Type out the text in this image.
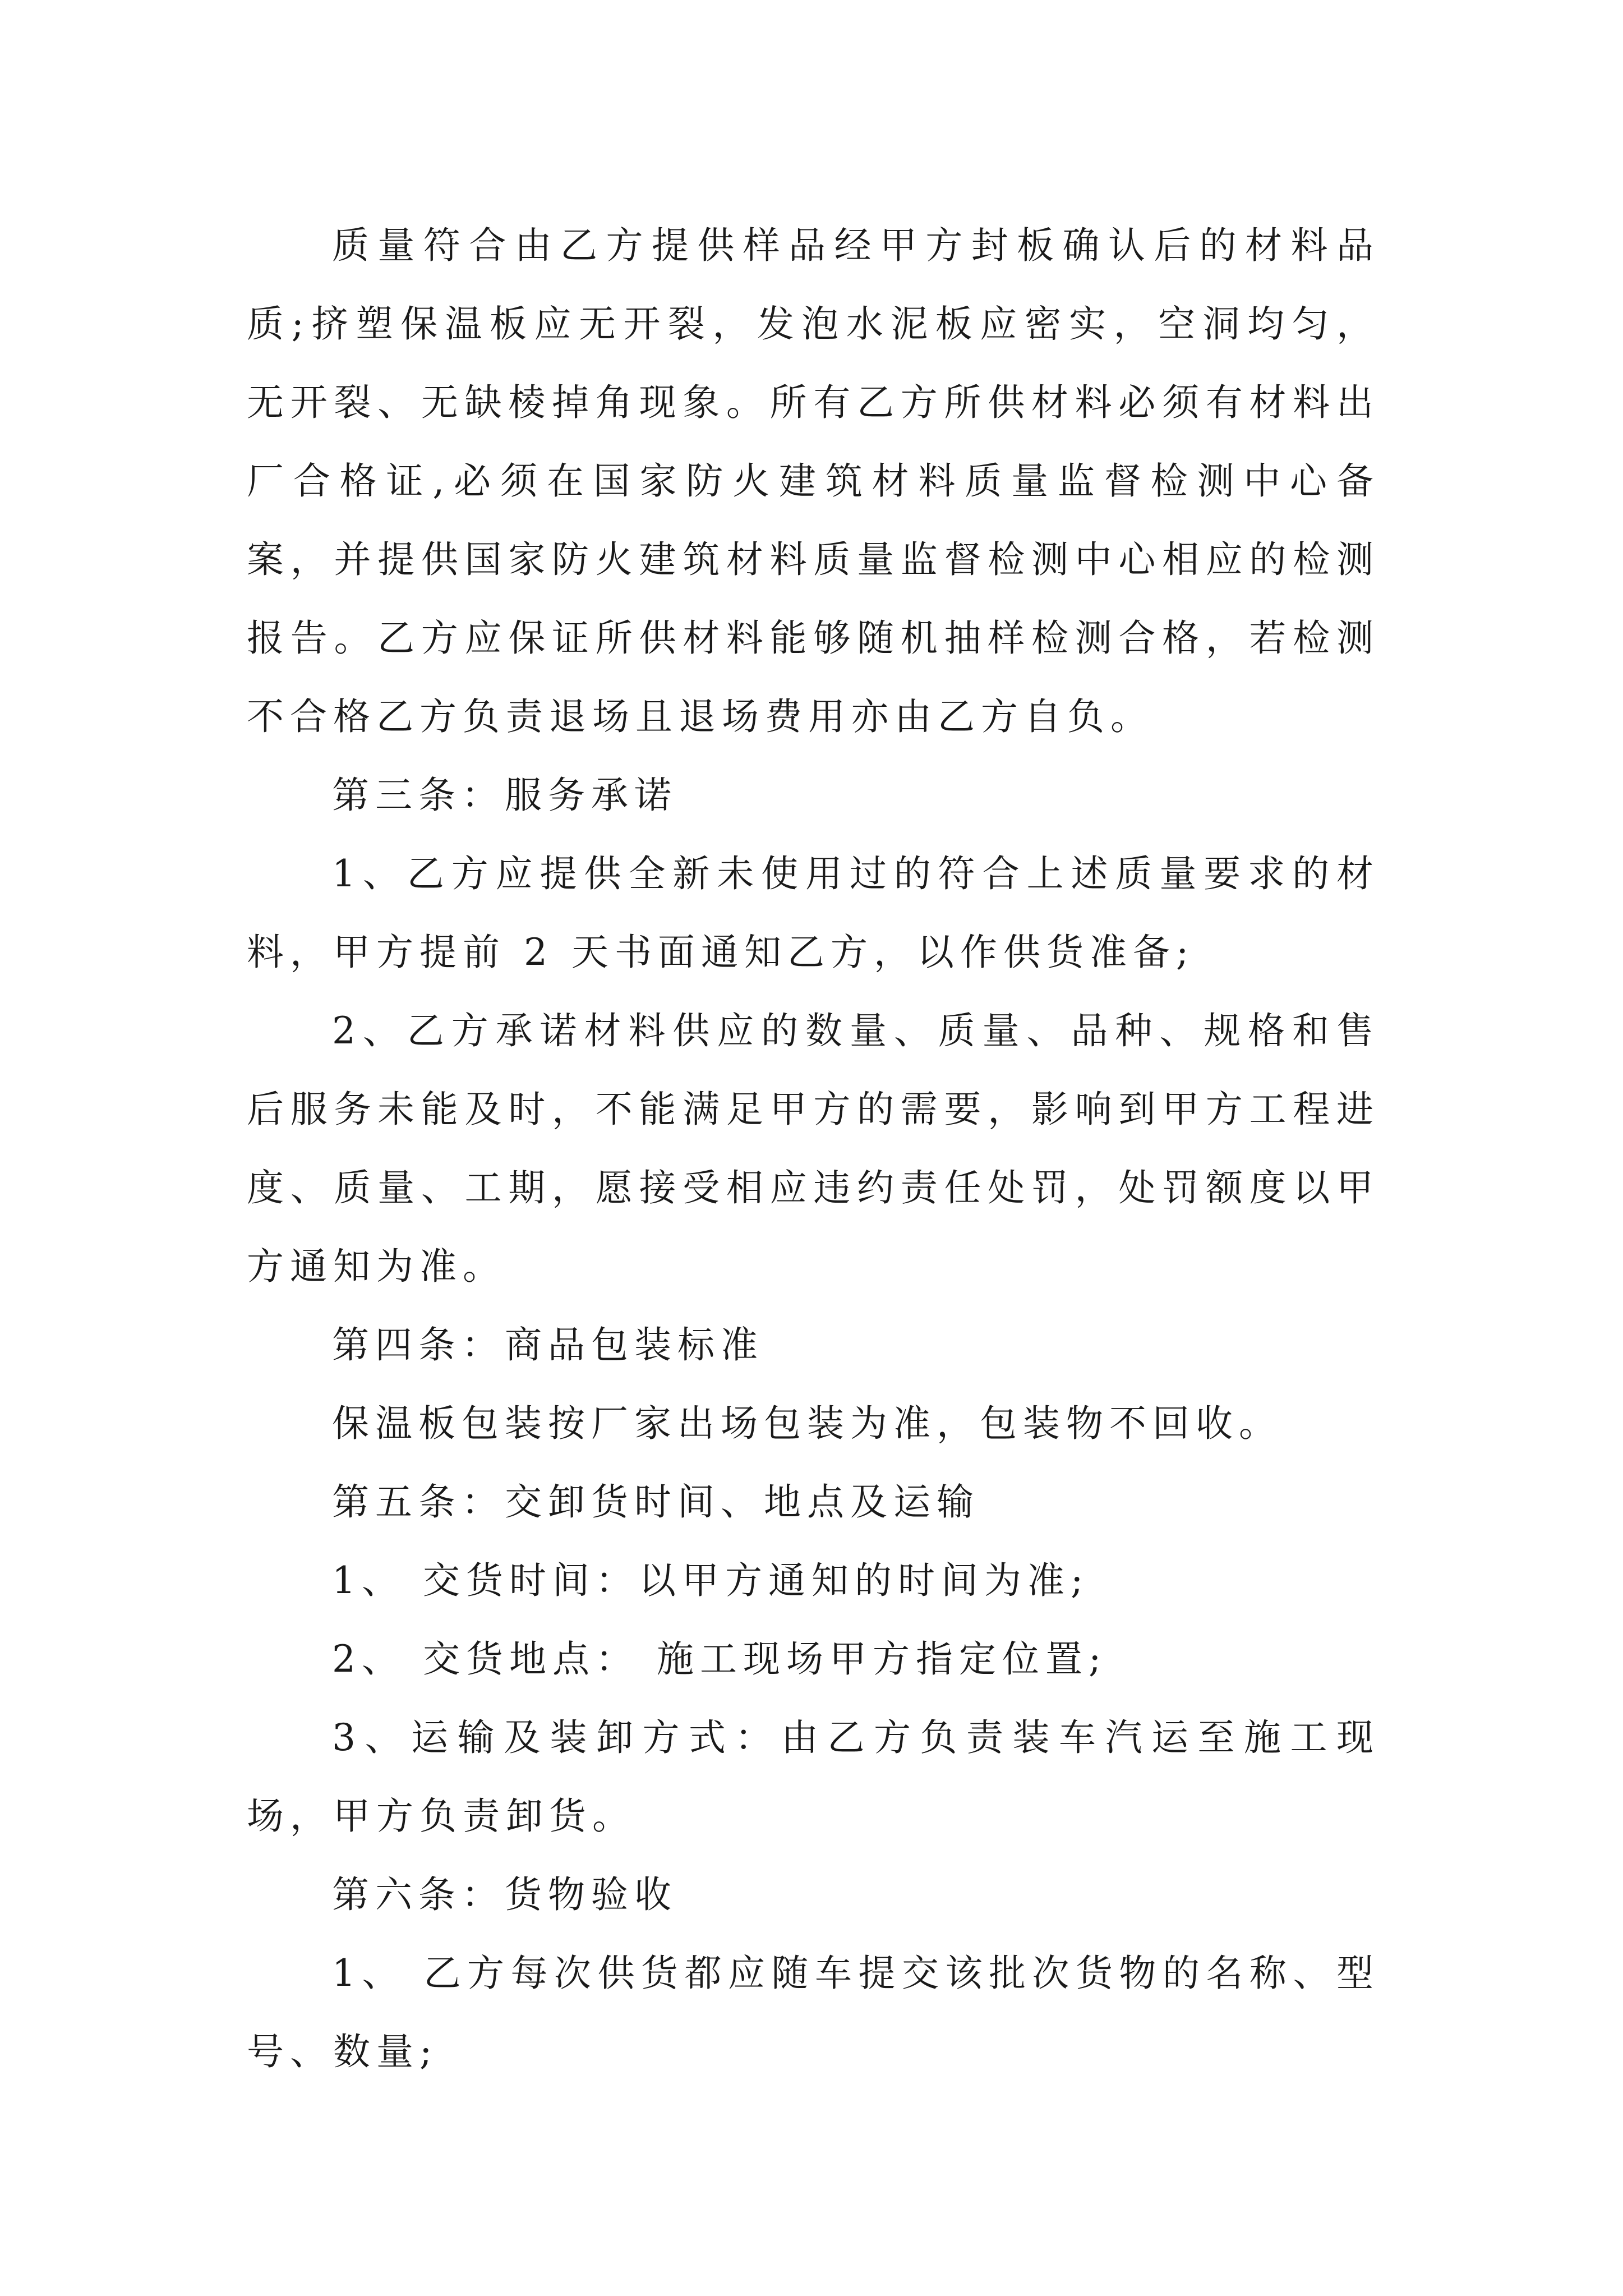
质量符合由乙方提供样品经甲方封板确认后的材料品质;挤塑保温板应无开裂，发泡水泥板应密实，空洞均匀，无开裂、无缺棱掉角现象。所有乙方所供材料必须有材料出厂合格证,必须在国家防火建筑材料质量监督检测中心备案，并提供国家防火建筑材料质量监督检测中心相应的检测报告。乙方应保证所供材料能够随机抽样检测合格，若检测不合格乙方负责退场且退场费用亦由乙方自负。

第三条：服务承诺

1、乙方应提供全新未使用过的符合上述质量要求的材料，甲方提前 2 天书面通知乙方，以作供货准备;

2、乙方承诺材料供应的数量、质量、品种、规格和售后服务未能及时，不能满足甲方的需要，影响到甲方工程进度、质量、工期，愿接受相应违约责任处罚，处罚额度以甲方通知为准。

第四条：商品包装标准

保温板包装按厂家出场包装为准，包装物不回收。

第五条：交卸货时间、地点及运输

1、 交货时间：以甲方通知的时间为准;

2、 交货地点： 施工现场甲方指定位置;

3、运输及装卸方式：由乙方负责装车汽运至施工现场，甲方负责卸货。

第六条：货物验收

1、 乙方每次供货都应随车提交该批次货物的名称、型号、数量;
